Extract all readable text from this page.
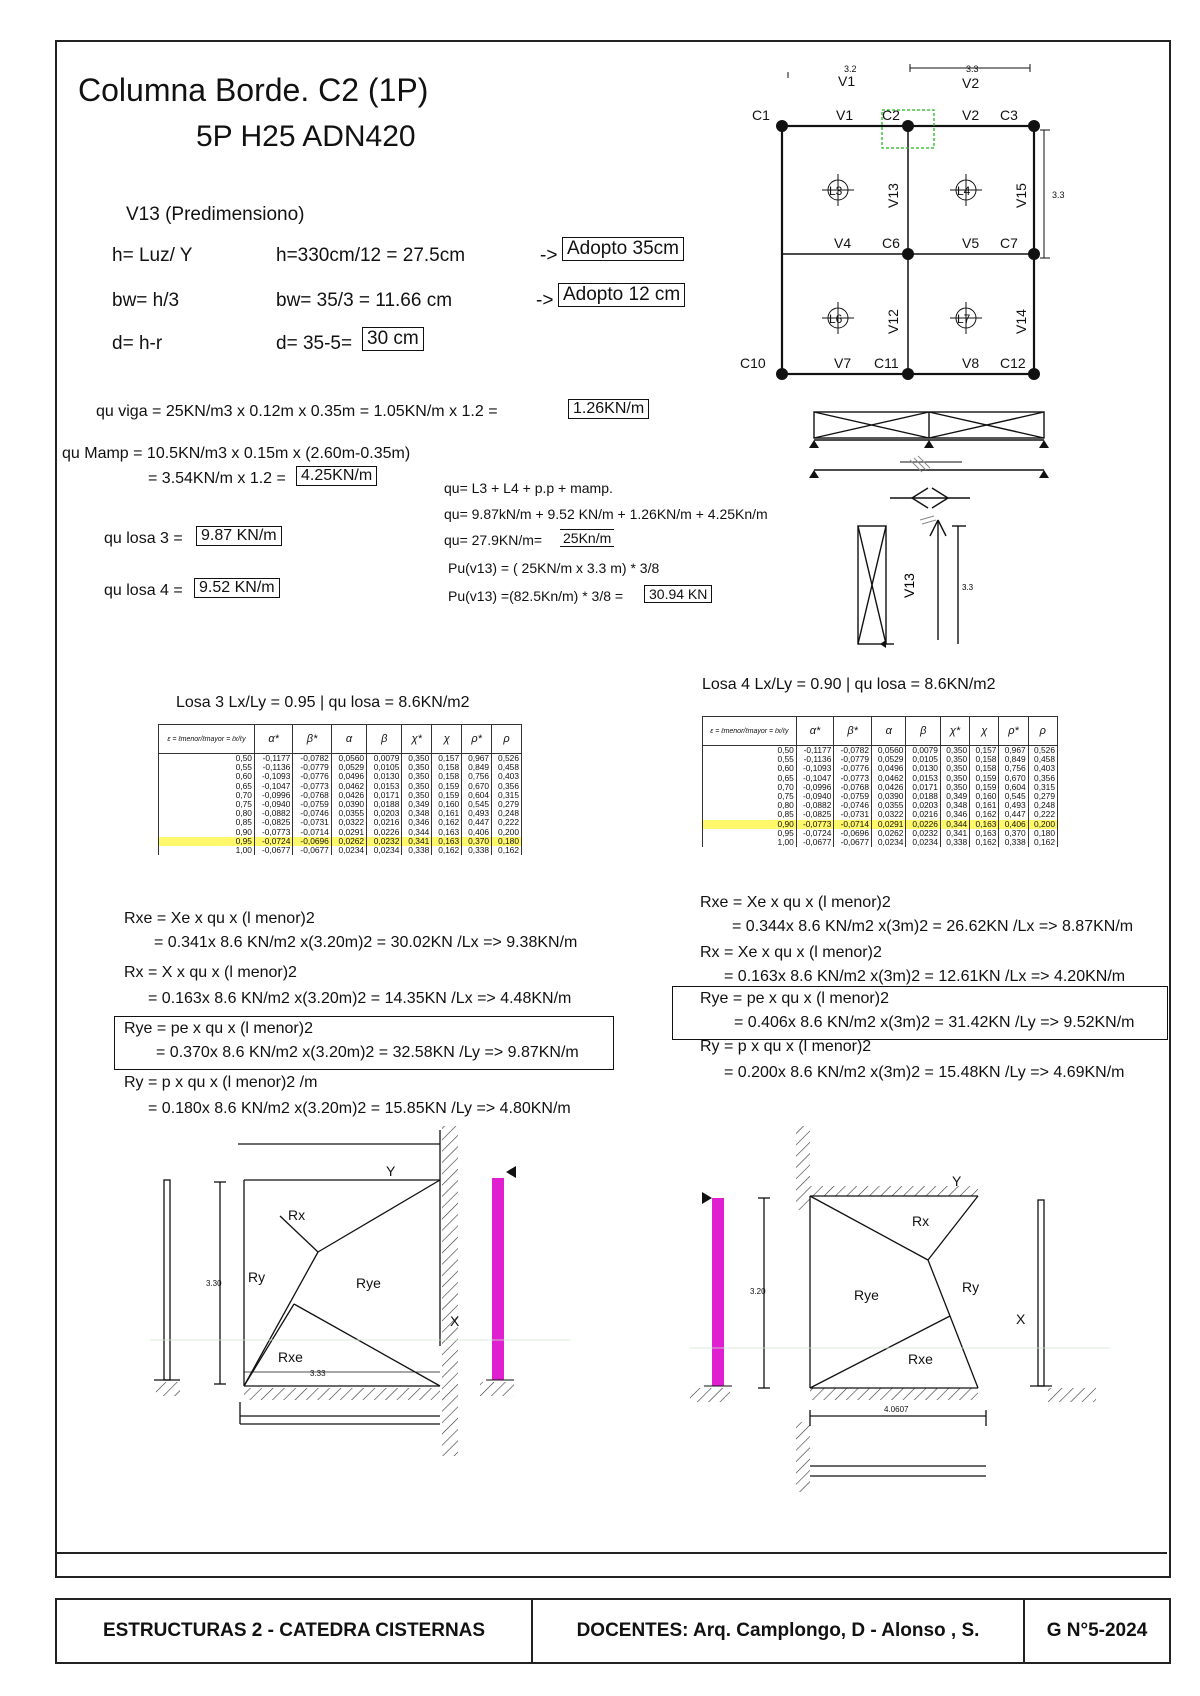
Columna Borde. C2 (1P)
5P H25 ADN420
V13 (Predimensiono)
h= Luz/ Y	h=330cm/12 = 27.5cm	-> Adopto 35cm
bw= h/3	bw= 35/3 = 11.66 cm	-> Adopto 12 cm
d= h-r	d= 35-5= 30 cm
qu viga = 25KN/m3 x 0.12m x 0.35m = 1.05KN/m x 1.2 =	1.26KN/m
qu Mamp = 10.5KN/m3 x 0.15m x (2.60m-0.35m)
= 3.54KN/m x 1.2 = 4.25KN/m
qu losa 3 =	9.87 KN/m
qu losa 4 =	9.52 KN/m
qu= L3 + L4 + p.p + mamp.
qu= 9.87kN/m + 9.52 KN/m + 1.26KN/m + 4.25Kn/m
qu= 27.9KN/m= 25Kn/m
Pu(v13) = ( 25KN/m x 3.3 m) * 3/8
Pu(v13) =(82.5Kn/m) * 3/8 =	30.94 KN
3.2
V1
3.3
V2
3.3
C1	V1 C2	V2 C3
V4 C6	V5 C7
C10	V7 C11	V8 C12
L3	L4
L6	L7
V13	V15
V12	V14
V13	3.3
Losa 3 Lx/Ly = 0.95 | qu losa = 8.6KN/m2
ε = ℓmenor/ℓmayor = ℓx/ℓy	α*	β*	α	β	χ*	χ	ρ*	ρ
0,50	-0,1177	-0,0782	0,0560	0,0079	0,350	0,157	0,967	0,526
0,55	-0,1136	-0,0779	0,0529	0,0105	0,350	0,158	0,849	0,458
0,60	-0,1093	-0,0776	0,0496	0,0130	0,350	0,158	0,756	0,403
0,65	-0,1047	-0,0773	0,0462	0,0153	0,350	0,159	0,670	0,356
0,70	-0,0996	-0,0768	0,0426	0,0171	0,350	0,159	0,604	0,315
0,75	-0,0940	-0,0759	0,0390	0,0188	0,349	0,160	0,545	0,279
0,80	-0,0882	-0,0746	0,0355	0,0203	0,348	0,161	0,493	0,248
0,85	-0,0825	-0,0731	0,0322	0,0216	0,346	0,162	0,447	0,222
0,90	-0,0773	-0,0714	0,0291	0,0226	0,344	0,163	0,406	0,200
0,95	-0,0724	-0,0696	0,0262	0,0232	0,341	0,163	0,370	0,180
1,00	-0,0677	-0,0677	0,0234	0,0234	0,338	0,162	0,338	0,162
Losa 4 Lx/Ly = 0.90 | qu losa = 8.6KN/m2
ε = ℓmenor/ℓmayor = ℓx/ℓy	α*	β*	α	β	χ*	χ	ρ*	ρ
0,50	-0,1177	-0,0782	0,0560	0,0079	0,350	0,157	0,967	0,526
0,55	-0,1136	-0,0779	0,0529	0,0105	0,350	0,158	0,849	0,458
0,60	-0,1093	-0,0776	0,0496	0,0130	0,350	0,158	0,756	0,403
0,65	-0,1047	-0,0773	0,0462	0,0153	0,350	0,159	0,670	0,356
0,70	-0,0996	-0,0768	0,0426	0,0171	0,350	0,159	0,604	0,315
0,75	-0,0940	-0,0759	0,0390	0,0188	0,349	0,160	0,545	0,279
0,80	-0,0882	-0,0746	0,0355	0,0203	0,348	0,161	0,493	0,248
0,85	-0,0825	-0,0731	0,0322	0,0216	0,346	0,162	0,447	0,222
0,90	-0,0773	-0,0714	0,0291	0,0226	0,344	0,163	0,406	0,200
0,95	-0,0724	-0,0696	0,0262	0,0232	0,341	0,163	0,370	0,180
1,00	-0,0677	-0,0677	0,0234	0,0234	0,338	0,162	0,338	0,162
Rxe = Xe x qu x (l menor)2
= 0.341x 8.6 KN/m2 x(3.20m)2 = 30.02KN /Lx => 9.38KN/m
Rx = X x qu x (l menor)2
= 0.163x 8.6 KN/m2 x(3.20m)2 = 14.35KN /Lx => 4.48KN/m
Rye = pe x qu x (l menor)2
= 0.370x 8.6 KN/m2 x(3.20m)2 = 32.58KN /Ly => 9.87KN/m
Ry = p x qu x (l menor)2 /m
= 0.180x 8.6 KN/m2 x(3.20m)2 = 15.85KN /Ly => 4.80KN/m
Rxe = Xe x qu x (l menor)2
= 0.344x 8.6 KN/m2 x(3m)2 = 26.62KN /Lx => 8.87KN/m
Rx = Xe x qu x (l menor)2
= 0.163x 8.6 KN/m2 x(3m)2 = 12.61KN /Lx => 4.20KN/m
Rye = pe x qu x (l menor)2
= 0.406x 8.6 KN/m2 x(3m)2 = 31.42KN /Ly => 9.52KN/m
Ry = p x qu x (l menor)2
= 0.200x 8.6 KN/m2 x(3m)2 = 15.48KN /Ly => 4.69KN/m
Rx
Ry	Rye
Rxe
Y
X
3.30
3.33
Rx
Rye	Ry
Rxe
Y
X
3.20
4.0607
ESTRUCTURAS 2 - CATEDRA CISTERNAS	DOCENTES: Arq. Camplongo, D - Alonso , S.	G N°5-2024
